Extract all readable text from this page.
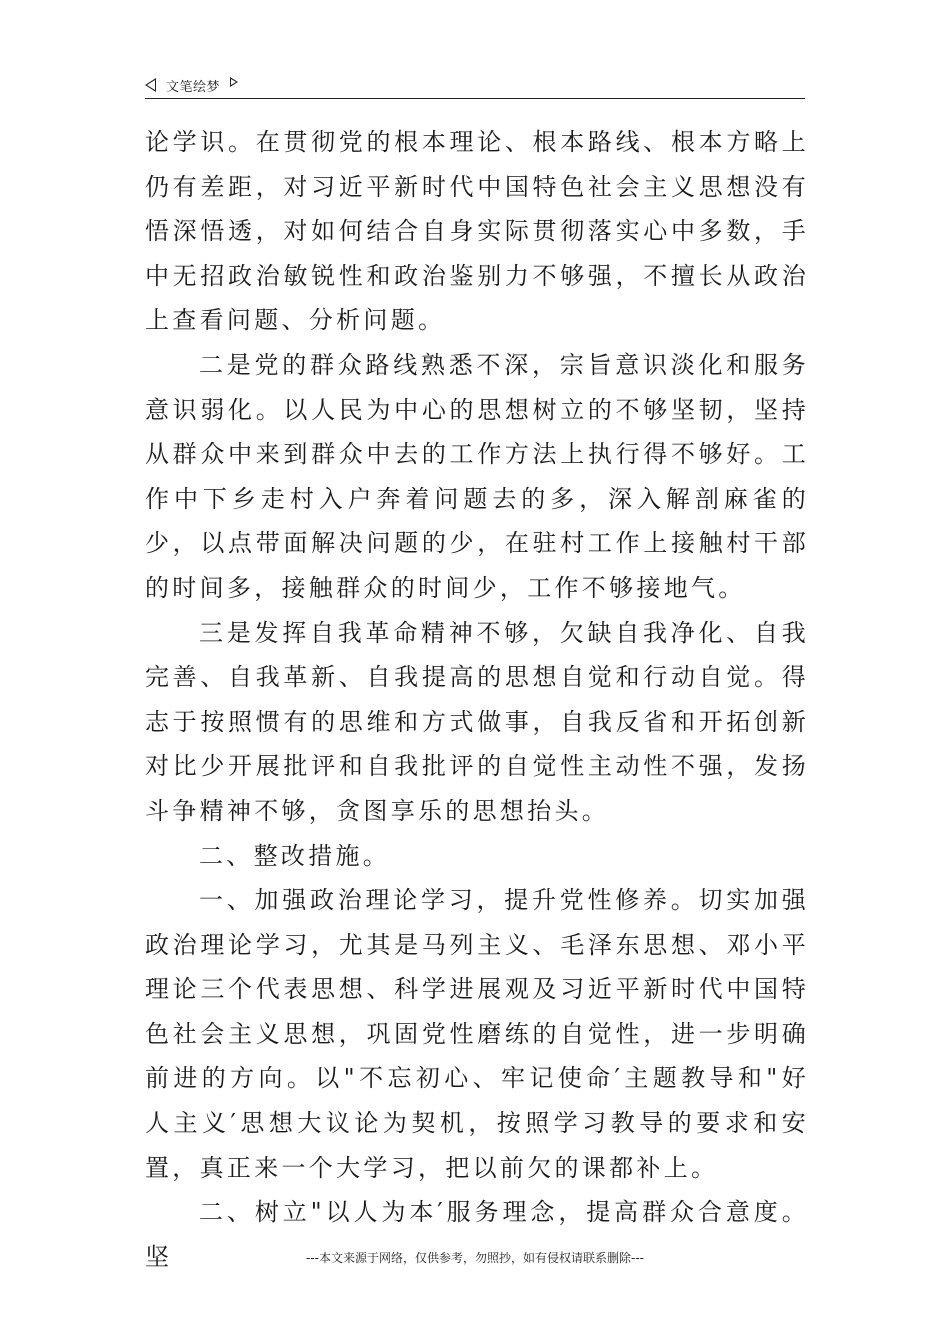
文笔绘梦

论学识。在贯彻党的根本理论、根本路线、根本方略上仍有差距，对习近平新时代中国特色社会主义思想没有悟深悟透，对如何结合自身实际贯彻落实心中多数，手中无招政治敏锐性和政治鉴别力不够强，不擅长从政治上查看问题、分析问题。

二是党的群众路线熟悉不深，宗旨意识淡化和服务意识弱化。以人民为中心的思想树立的不够坚韧，坚持从群众中来到群众中去的工作方法上执行得不够好。工作中下乡走村入户奔着问题去的多，深入解剖麻雀的少，以点带面解决问题的少，在驻村工作上接触村干部的时间多，接触群众的时间少，工作不够接地气。

三是发挥自我革命精神不够，欠缺自我净化、自我完善、自我革新、自我提高的思想自觉和行动自觉。得志于按照惯有的思维和方式做事，自我反省和开拓创新对比少开展批评和自我批评的自觉性主动性不强，发扬斗争精神不够，贪图享乐的思想抬头。

二、整改措施。

一、加强政治理论学习，提升党性修养。切实加强政治理论学习，尤其是马列主义、毛泽东思想、邓小平理论三个代表思想、科学进展观及习近平新时代中国特色社会主义思想，巩固党性磨练的自觉性，进一步明确前进的方向。以"不忘初心、牢记使命′主题教导和"好人主义′思想大议论为契机，按照学习教导的要求和安置，真正来一个大学习，把以前欠的课都补上。

二、树立"以人为本′服务理念，提高群众合意度。坚	---本文来源于网络，仅供参考，勿照抄，如有侵权请联系删除---
